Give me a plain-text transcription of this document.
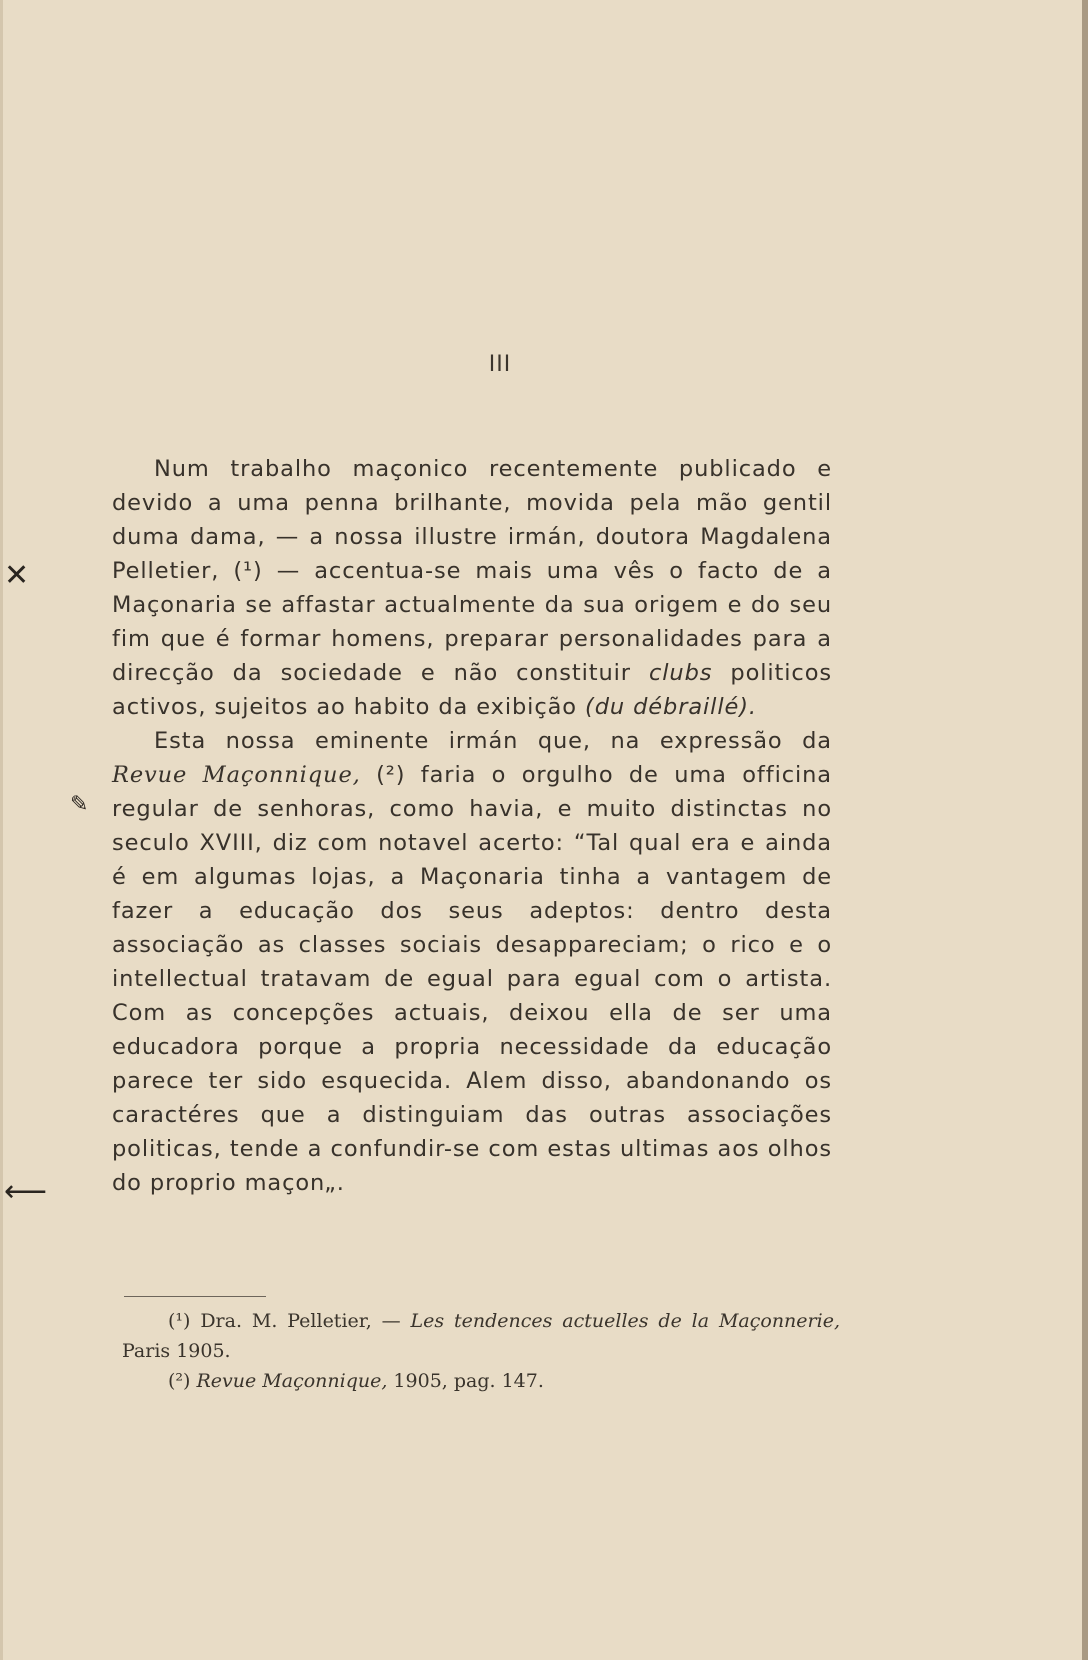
✕
⟵
✎
III

Num trabalho maçonico recentemente publicado e devido a uma penna brilhante, movida pela mão gentil duma dama, — a nossa illustre irmán, doutora Magdalena Pelletier, (¹) — accentua-se mais uma vês o facto de a Maçonaria se affastar actualmente da sua origem e do seu fim que é formar homens, preparar personalidades para a direcção da sociedade e não constituir clubs politicos activos, sujeitos ao habito da exibição (du débraillé).

Esta nossa eminente irmán que, na expressão da Revue Maçonnique, (²) faria o orgulho de uma officina regular de senhoras, como havia, e muito distinctas no seculo XVIII, diz com notavel acerto: “Tal qual era e ainda é em algumas lojas, a Maçonaria tinha a vantagem de fazer a educação dos seus adeptos: dentro desta associação as classes sociais desappareciam; o rico e o intellectual tratavam de egual para egual com o artista. Com as concepções actuais, deixou ella de ser uma educadora porque a propria necessidade da educação parece ter sido esquecida. Alem disso, abandonando os caractéres que a distinguiam das outras associações politicas, tende a confundir-se com estas ultimas aos olhos do proprio maçon„.

(¹) Dra. M. Pelletier, — Les tendences actuelles de la Maçonnerie, Paris 1905.

(²) Revue Maçonnique, 1905, pag. 147.
